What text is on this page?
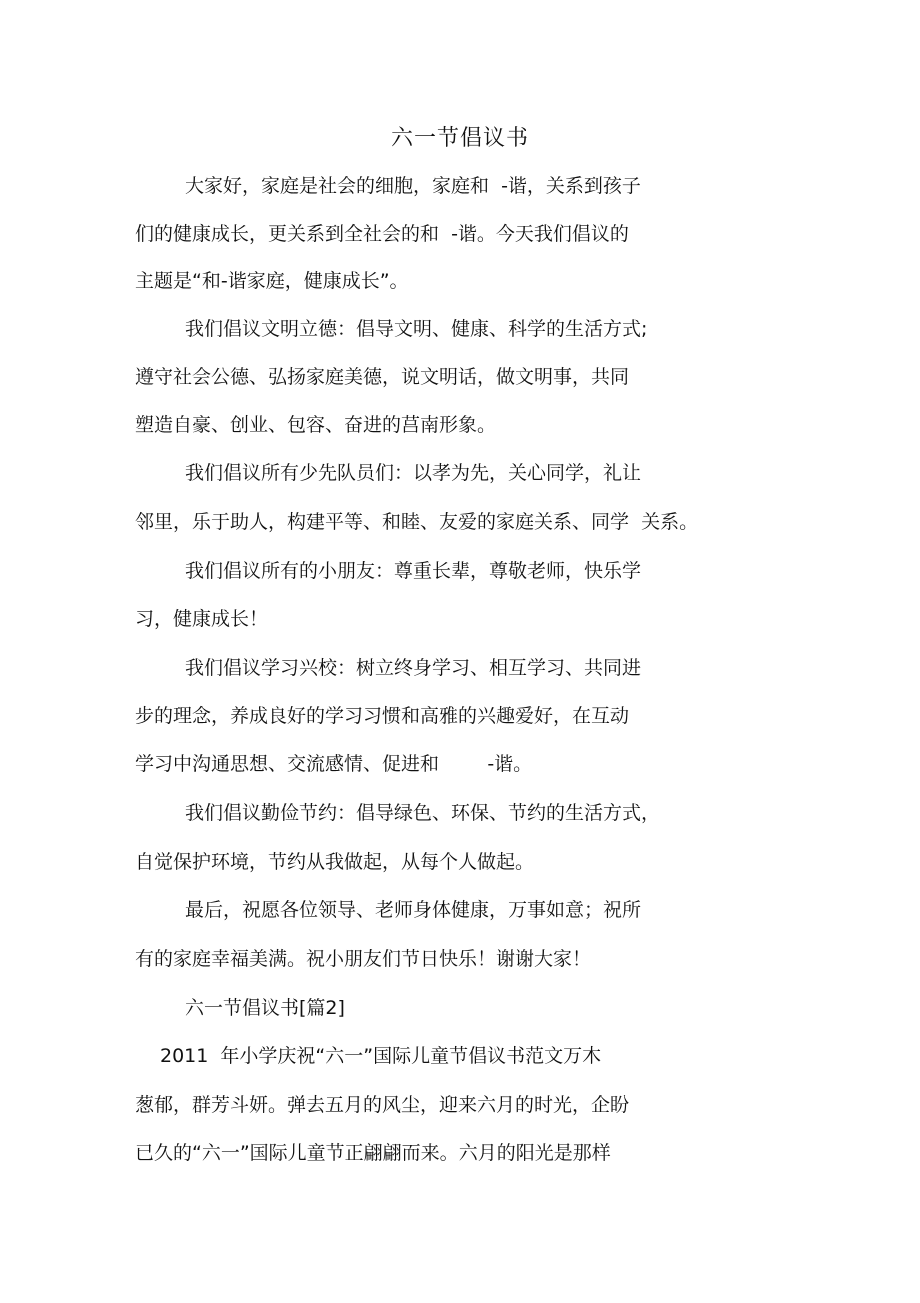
六一节倡议书
大家好，家庭是社会的细胞，家庭和  -谐，关系到孩子
们的健康成长，更关系到全社会的和  -谐。今天我们倡议的
主题是“和-谐家庭，健康成长”。
我们倡议文明立德：倡导文明、健康、科学的生活方式;
遵守社会公德、弘扬家庭美德，说文明话，做文明事，共同
塑造自豪、创业、包容、奋进的莒南形象。
我们倡议所有少先队员们：以孝为先，关心同学，礼让
邻里，乐于助人，构建平等、和睦、友爱的家庭关系、同学  关系。
我们倡议所有的小朋友：尊重长辈，尊敬老师，快乐学
习，健康成长！
我们倡议学习兴校：树立终身学习、相互学习、共同进
步的理念，养成良好的学习习惯和高雅的兴趣爱好，在互动
学习中沟通思想、交流感情、促进和        -谐。
我们倡议勤俭节约：倡导绿色、环保、节约的生活方式，
自觉保护环境，节约从我做起，从每个人做起。
最后，祝愿各位领导、老师身体健康，万事如意；祝所
有的家庭幸福美满。祝小朋友们节日快乐！谢谢大家！
六一节倡议书[篇2]
2011  年小学庆祝“六一”国际儿童节倡议书范文万木
葱郁，群芳斗妍。弹去五月的风尘，迎来六月的时光，企盼
已久的“六一”国际儿童节正翩翩而来。六月的阳光是那样
